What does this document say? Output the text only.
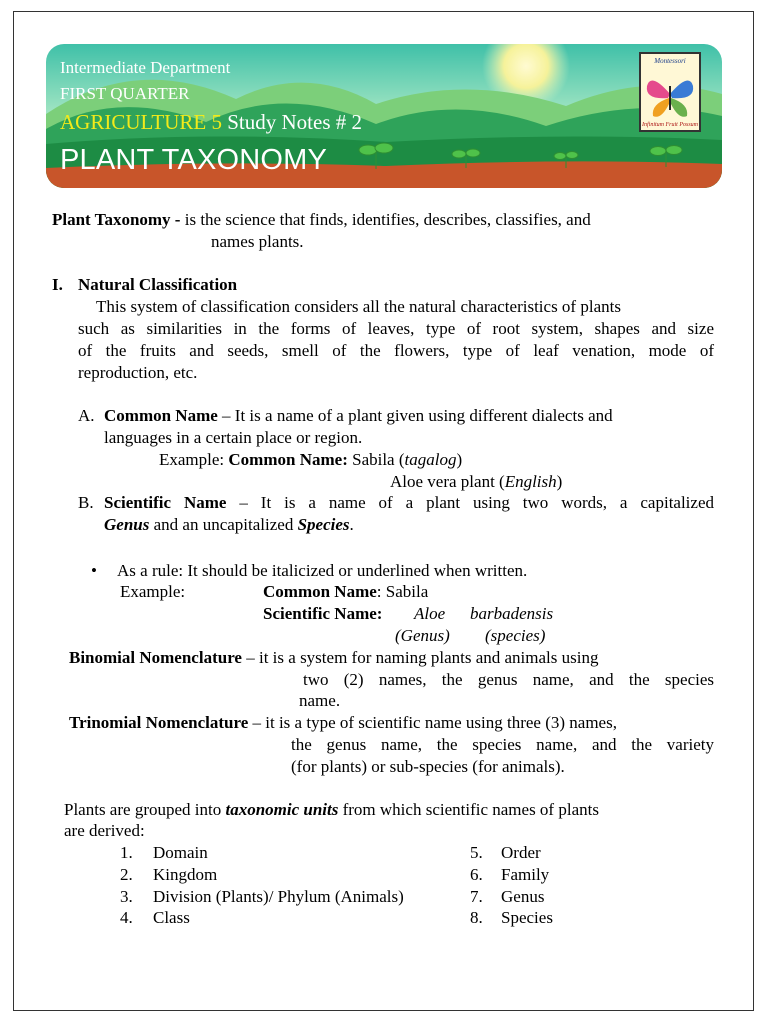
Intermediate Department
FIRST QUARTER
AGRICULTURE 5 Study Notes # 2
PLANT TAXONOMY
Montessori
Infinitum Fruit Possum
Plant Taxonomy - is the science that finds, identifies, describes, classifies, and
names plants.
I. Natural Classification
This system of classification considers all the natural characteristics of plants
such as similarities in the forms of leaves, type of root system, shapes and size
of the fruits and seeds, smell of the flowers, type of leaf venation, mode of
reproduction, etc.
A. Common Name – It is a name of a plant given using different dialects and
languages in a certain place or region.
Example: Common Name: Sabila (tagalog)
Aloe vera plant (English)
B. Scientific Name – It is a name of a plant using two words, a capitalized
Genus and an uncapitalized Species.
• As a rule: It should be italicized or underlined when written.
Example:	Common Name: Sabila
Scientific Name: Aloe barbadensis
(Genus) (species)
Binomial Nomenclature – it is a system for naming plants and animals using
two (2) names, the genus name, and the species
name.
Trinomial Nomenclature – it is a type of scientific name using three (3) names,
the genus name, the species name, and the variety
(for plants) or sub-species (for animals).
Plants are grouped into taxonomic units from which scientific names of plants
are derived:
1. Domain
2. Kingdom
3. Division (Plants)/ Phylum (Animals)
4. Class
5. Order
6. Family
7. Genus
8. Species
